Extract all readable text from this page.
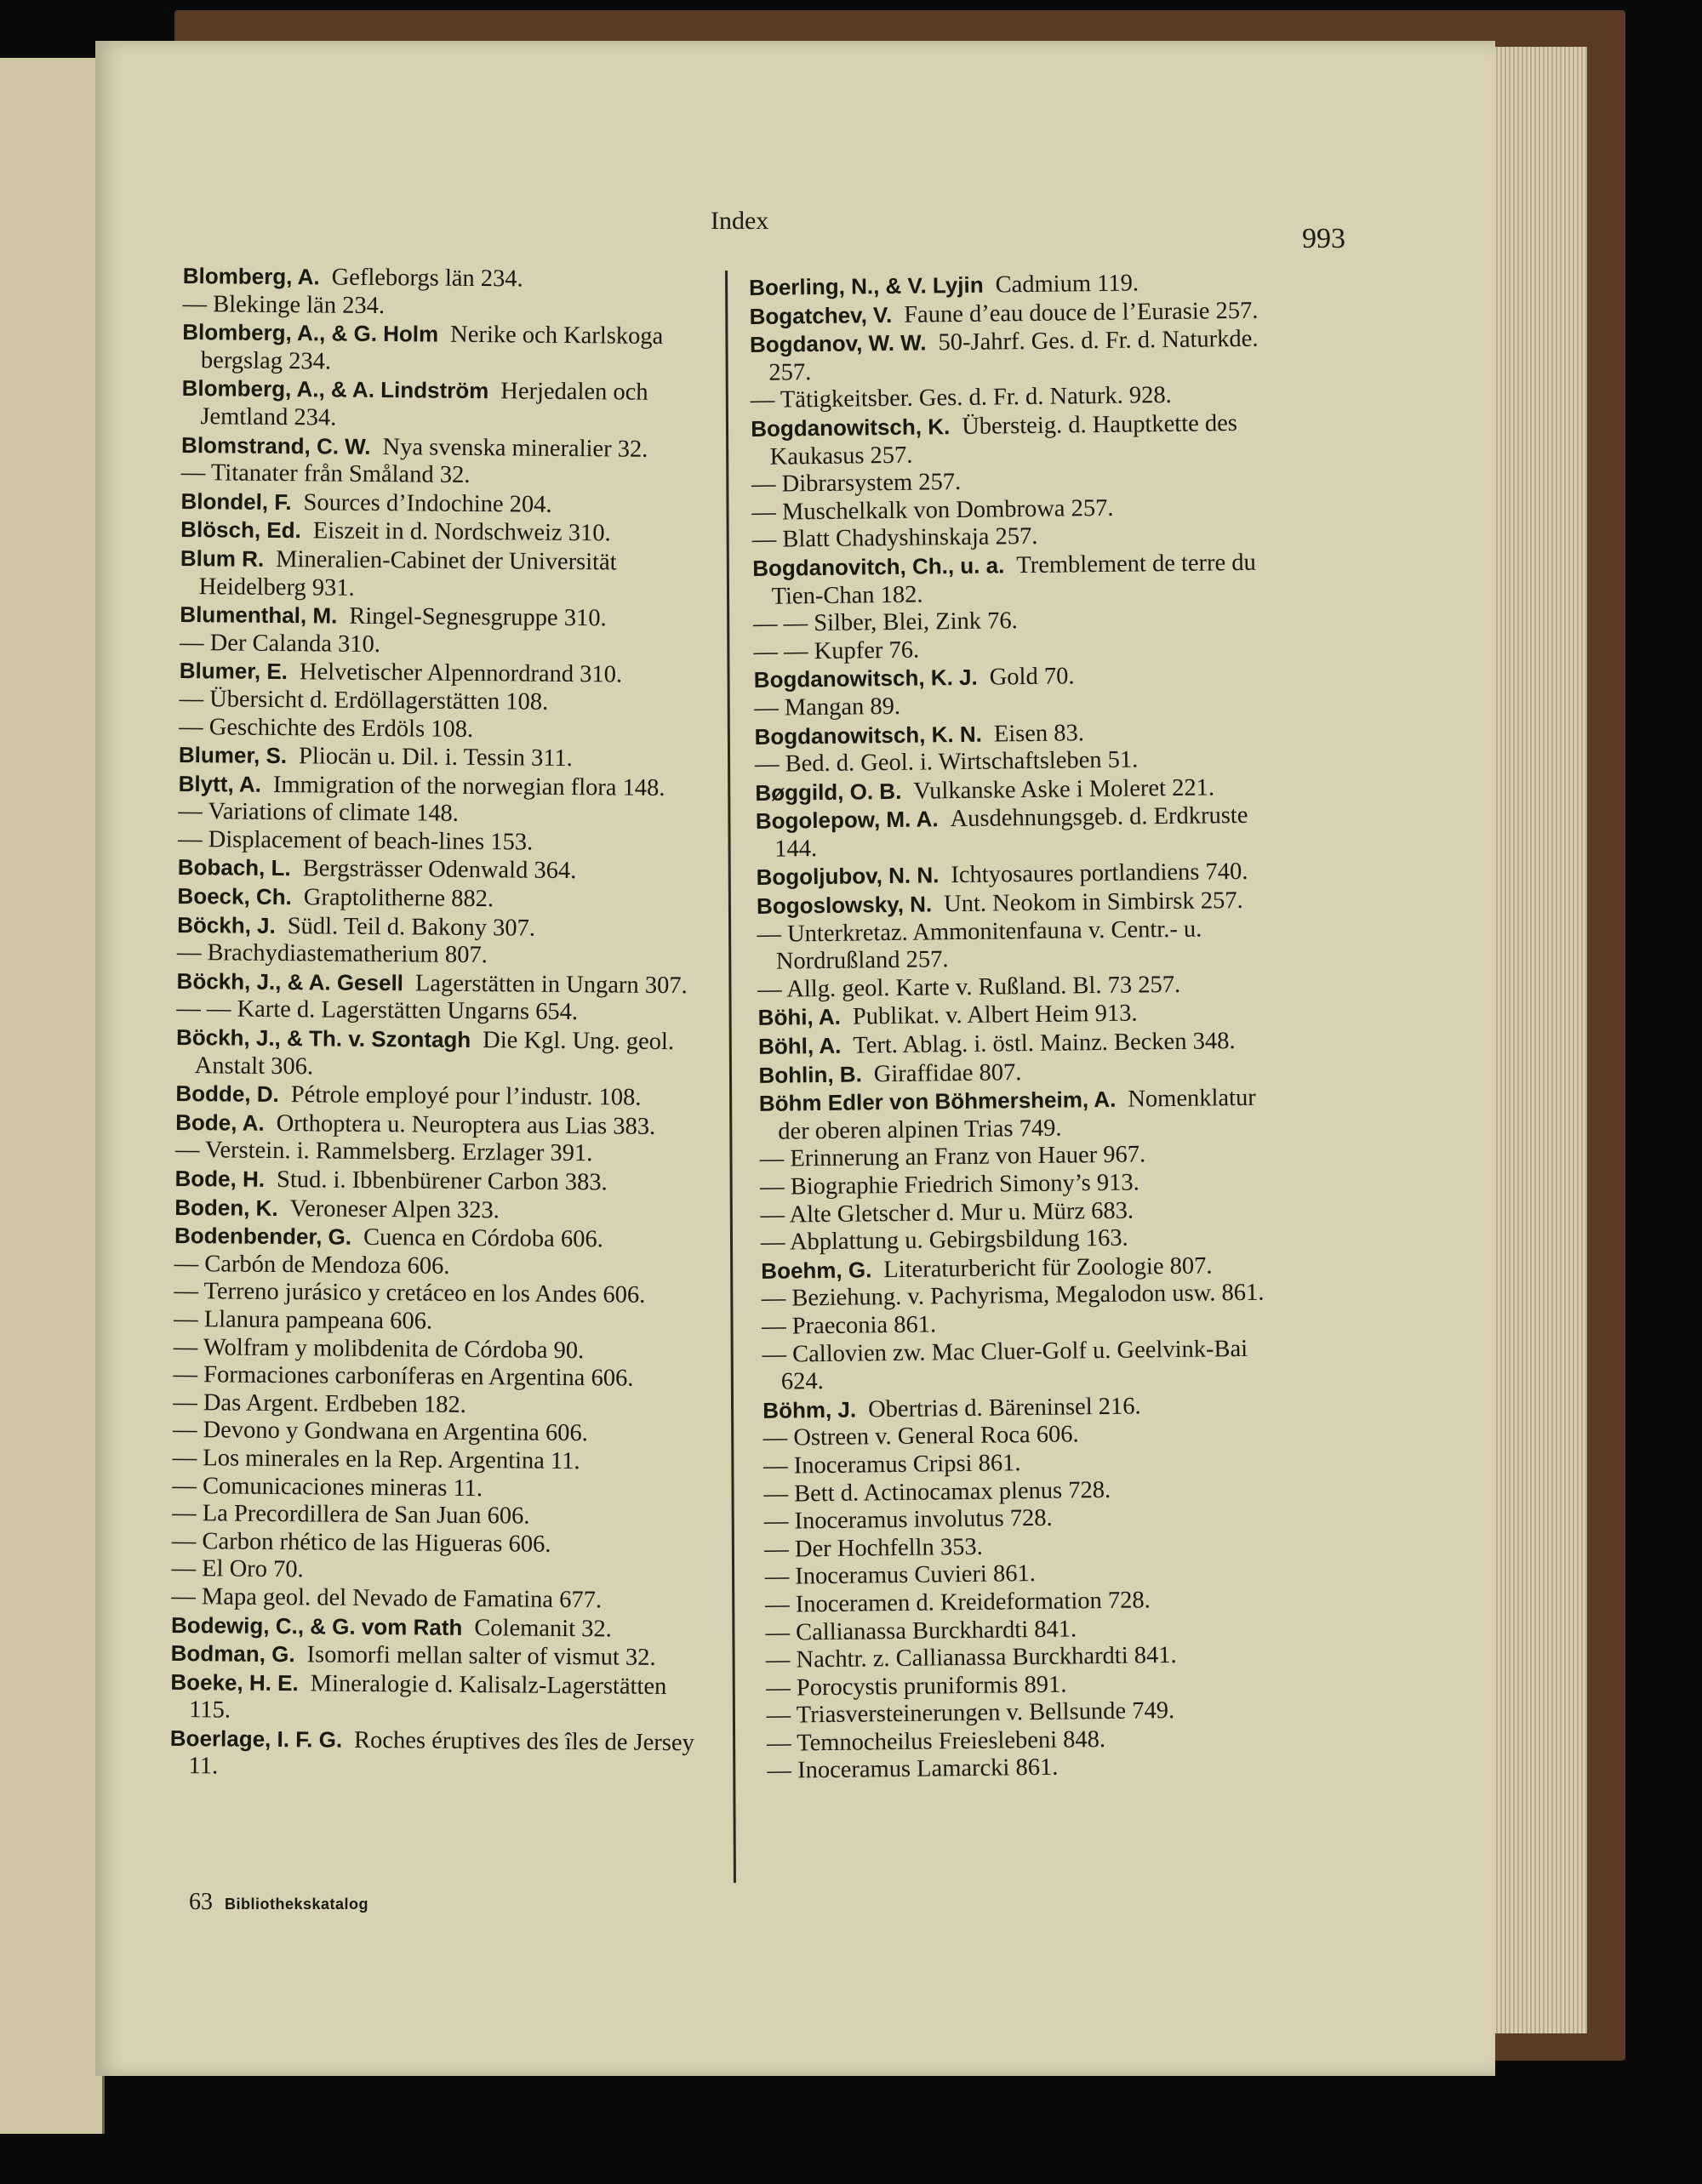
Index
993

Blomberg, A. Gefleborgs län 234.

— Blekinge län 234.

Blomberg, A., & G. Holm Nerike och Karlskoga bergslag 234.

Blomberg, A., & A. Lindström Herjedalen och Jemtland 234.

Blomstrand, C. W. Nya svenska mineralier 32.

— Titanater från Småland 32.

Blondel, F. Sources d’Indochine 204.

Blösch, Ed. Eiszeit in d. Nordschweiz 310.

Blum R. Mineralien-Cabinet der Universität Heidelberg 931.

Blumenthal, M. Ringel-Segnesgruppe 310.

— Der Calanda 310.

Blumer, E. Helvetischer Alpennordrand 310.

— Übersicht d. Erdöllagerstätten 108.

— Geschichte des Erdöls 108.

Blumer, S. Pliocän u. Dil. i. Tessin 311.

Blytt, A. Immigration of the norwegian flora 148.

— Variations of climate 148.

— Displacement of beach-lines 153.

Bobach, L. Bergsträsser Odenwald 364.

Boeck, Ch. Graptolitherne 882.

Böckh, J. Südl. Teil d. Bakony 307.

— Brachydiastematherium 807.

Böckh, J., & A. Gesell Lagerstätten in Ungarn 307.

— — Karte d. Lagerstätten Ungarns 654.

Böckh, J., & Th. v. Szontagh Die Kgl. Ung. geol. Anstalt 306.

Bodde, D. Pétrole employé pour l’industr. 108.

Bode, A. Orthoptera u. Neuroptera aus Lias 383.

— Verstein. i. Rammelsberg. Erzlager 391.

Bode, H. Stud. i. Ibbenbürener Carbon 383.

Boden, K. Veroneser Alpen 323.

Bodenbender, G. Cuenca en Córdoba 606.

— Carbón de Mendoza 606.

— Terreno jurásico y cretáceo en los Andes 606.

— Llanura pampeana 606.

— Wolfram y molibdenita de Córdoba 90.

— Formaciones carboníferas en Argentina 606.

— Das Argent. Erdbeben 182.

— Devono y Gondwana en Argentina 606.

— Los minerales en la Rep. Argentina 11.

— Comunicaciones mineras 11.

— La Precordillera de San Juan 606.

— Carbon rhético de las Higueras 606.

— El Oro 70.

— Mapa geol. del Nevado de Famatina 677.

Bodewig, C., & G. vom Rath Colemanit 32.

Bodman, G. Isomorfi mellan salter of vismut 32.

Boeke, H. E. Mineralogie d. Kalisalz-Lagerstätten 115.

Boerlage, I. F. G. Roches éruptives des îles de Jersey 11.

Boerling, N., & V. Lyjin Cadmium 119.

Bogatchev, V. Faune d’eau douce de l’Eurasie 257.

Bogdanov, W. W. 50-Jahrf. Ges. d. Fr. d. Naturkde. 257.

— Tätigkeitsber. Ges. d. Fr. d. Naturk. 928.

Bogdanowitsch, K. Übersteig. d. Hauptkette des Kaukasus 257.

— Dibrarsystem 257.

— Muschelkalk von Dombrowa 257.

— Blatt Chadyshinskaja 257.

Bogdanovitch, Ch., u. a. Tremblement de terre du Tien-Chan 182.

— — Silber, Blei, Zink 76.

— — Kupfer 76.

Bogdanowitsch, K. J. Gold 70.

— Mangan 89.

Bogdanowitsch, K. N. Eisen 83.

— Bed. d. Geol. i. Wirtschaftsleben 51.

Bøggild, O. B. Vulkanske Aske i Moleret 221.

Bogolepow, M. A. Ausdehnungsgeb. d. Erdkruste 144.

Bogoljubov, N. N. Ichtyosaures portlandiens 740.

Bogoslowsky, N. Unt. Neokom in Simbirsk 257.

— Unterkretaz. Ammonitenfauna v. Centr.- u. Nordrußland 257.

— Allg. geol. Karte v. Rußland. Bl. 73 257.

Böhi, A. Publikat. v. Albert Heim 913.

Böhl, A. Tert. Ablag. i. östl. Mainz. Becken 348.

Bohlin, B. Giraffidae 807.

Böhm Edler von Böhmersheim, A. Nomenklatur der oberen alpinen Trias 749.

— Erinnerung an Franz von Hauer 967.

— Biographie Friedrich Simony’s 913.

— Alte Gletscher d. Mur u. Mürz 683.

— Abplattung u. Gebirgsbildung 163.

Boehm, G. Literaturbericht für Zoologie 807.

— Beziehung. v. Pachyrisma, Megalodon usw. 861.

— Praeconia 861.

— Callovien zw. Mac Cluer-Golf u. Geelvink-Bai 624.

Böhm, J. Obertrias d. Bäreninsel 216.

— Ostreen v. General Roca 606.

— Inoceramus Cripsi 861.

— Bett d. Actinocamax plenus 728.

— Inoceramus involutus 728.

— Der Hochfelln 353.

— Inoceramus Cuvieri 861.

— Inoceramen d. Kreideformation 728.

— Callianassa Burckhardti 841.

— Nachtr. z. Callianassa Burckhardti 841.

— Porocystis pruniformis 891.

— Triasversteinerungen v. Bellsunde 749.

— Temnocheilus Freieslebeni 848.

— Inoceramus Lamarcki 861.

63 Bibliothekskatalog
